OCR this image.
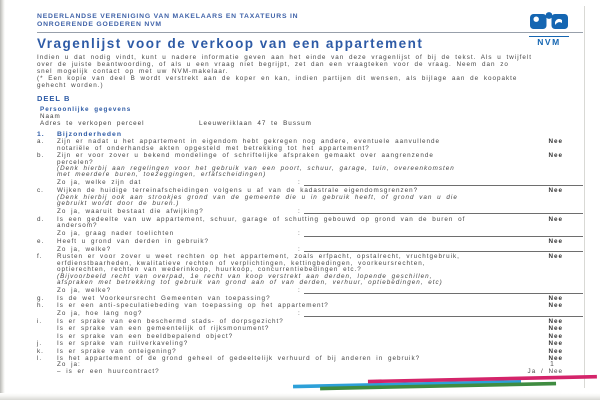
NEDERLANDSE VERENIGING VAN MAKELAARS EN TAXATEURS IN
ONROERENDE GOEDEREN NVM
NVM
Vragenlijst voor de verkoop van een appartement
Indien u dat nodig vindt, kunt u nadere informatie geven aan het einde van deze vragenlijst of bij de tekst. Als u twijfelt
over de juiste beantwoording, of als u een vraag niet begrijpt, zet dan een vraagteken voor de vraag. Neem dan zo
snel mogelijk contact op met uw NVM-makelaar.
(* Een kopie van deel B wordt verstrekt aan de koper en kan, indien partijen dit wensen, als bijlage aan de koopakte
gehecht worden.)
DEEL B
Persoonlijke gegevens
Naam
Adres te verkopen perceel	Leeuweriklaan 47 te Bussum
1.	Bijzonderheden
a.	Zijn er nadat u het appartement in eigendom hebt gekregen nog andere, eventuele aanvullende
notariële of onderhandse akten opgesteld met betrekking tot het appartement?
Nee
b.	Zijn er voor zover u bekend mondelinge of schriftelijke afspraken gemaakt over aangrenzende
percelen?
(Denk hierbij aan regelingen voor het gebruik van een poort, schuur, garage, tuin, overeenkomsten
met meerdere buren, toezeggingen, erfafscheidingen)
Zo ja, welke zijn dat	:
Nee
c.	Wijken de huidige terreinafscheidingen volgens u af van de kadastrale eigendomsgrenzen?
(Denk hierbij ook aan strookjes grond van de gemeente die u in gebruik heeft, of grond van u die
gebruikt wordt door de buren.)
Zo ja, waaruit bestaat die afwijking?	:
Nee
d.	Is een gedeelte van uw appartement, schuur, garage of schutting gebouwd op grond van de buren of
andersom?
Zo ja, graag nader toelichten	:
Nee
e.	Heeft u grond van derden in gebruik?
Zo ja, welke?	:
Nee
f.	Rusten er voor zover u weet rechten op het appartement, zoals erfpacht, opstalrecht, vruchtgebruik,
erfdienstbaarheden, kwalitatieve rechten of verplichtingen, kettingbedingen, voorkeursrechten,
optierechten, rechten van wederinkoop, huurkoop, concurrentiebedingen etc.?
(Bijvoorbeeld recht van overpad, 1e recht van koop verstrekt aan derden, lopende geschillen,
afspraken met betrekking tot gebruik van grond aan of van derden, verhuur, optiebedingen, etc)
Zo ja, welke?	:
Nee
g.	Is de wet Voorkeursrecht Gemeenten van toepassing?	Nee
h.	Is er een anti-speculatiebeding van toepassing op het appartement?
Zo ja, hoe lang nog?	:
Nee
i.	Is er sprake van een beschermd stads- of dorpsgezicht?	Nee
Is er sprake van een gemeentelijk of rijksmonument?	Nee
Is er sprake van een beeldbepalend object?	Nee
j.	Is er sprake van ruilverkaveling?	Nee
k.	Is er sprake van onteigening?	Nee
l.	Is het appartement of de grond geheel of gedeeltelijk verhuurd of bij anderen in gebruik?
Zo ja:
– is er een huurcontract?	Ja / Nee
Nee
1
